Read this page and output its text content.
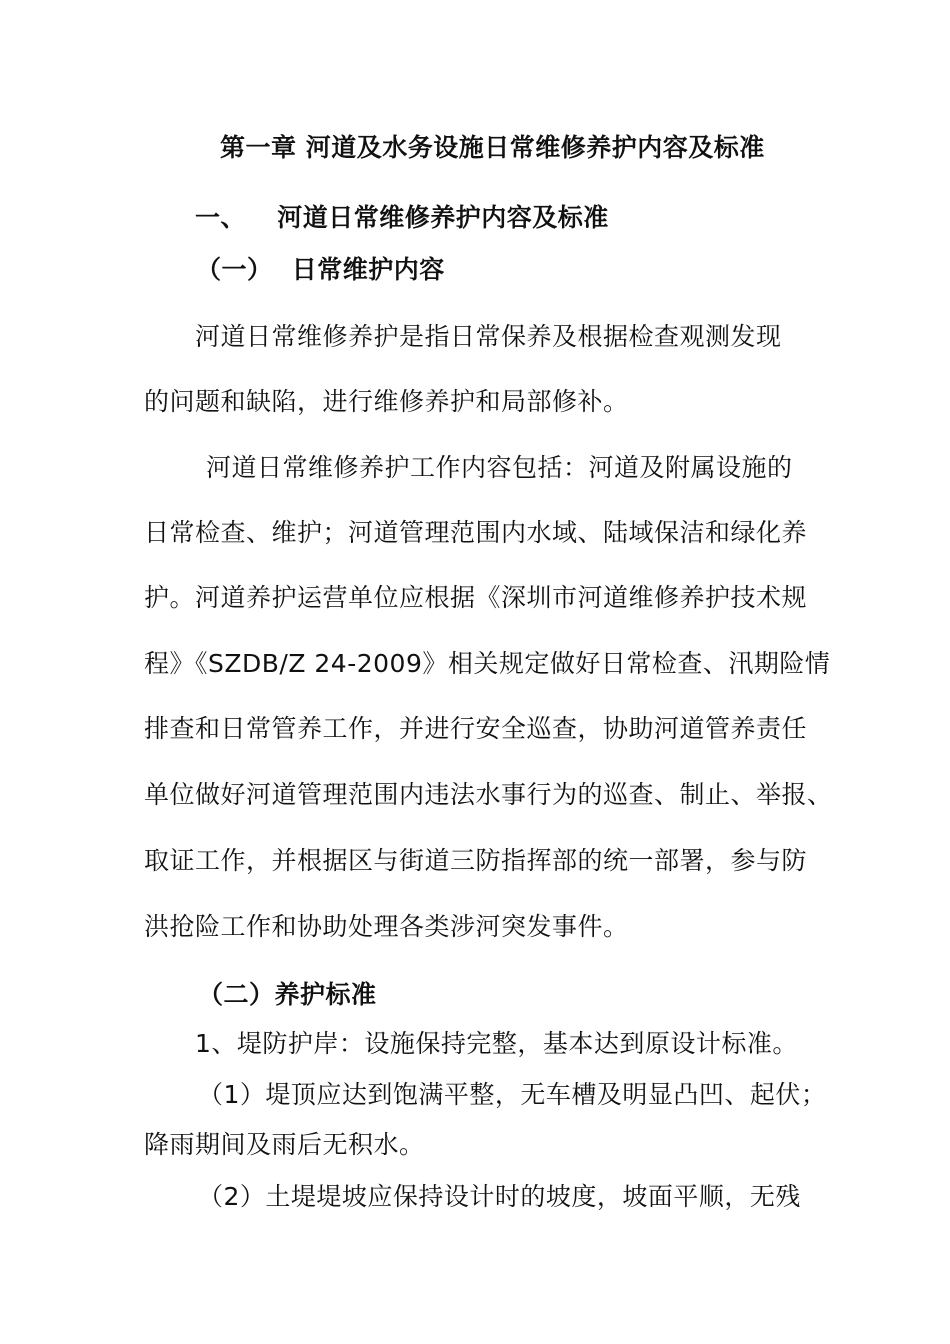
第一章 河道及水务设施日常维修养护内容及标准
一、 河道日常维修养护内容及标准
（一） 日常维护内容
河道日常维修养护是指日常保养及根据检查观测发现
的问题和缺陷，进行维修养护和局部修补。
河道日常维修养护工作内容包括：河道及附属设施的
日常检查、维护；河道管理范围内水域、陆域保洁和绿化养
护。河道养护运营单位应根据《深圳市河道维修养护技术规
程》《SZDB/Z 24-2009》相关规定做好日常检查、汛期险情
排查和日常管养工作，并进行安全巡查，协助河道管养责任
单位做好河道管理范围内违法水事行为的巡查、制止、举报、
取证工作，并根据区与街道三防指挥部的统一部署，参与防
洪抢险工作和协助处理各类涉河突发事件。
（二）养护标准
1、堤防护岸：设施保持完整，基本达到原设计标准。
（1）堤顶应达到饱满平整，无车槽及明显凸凹、起伏；
降雨期间及雨后无积水。
（2）土堤堤坡应保持设计时的坡度，坡面平顺，无残
